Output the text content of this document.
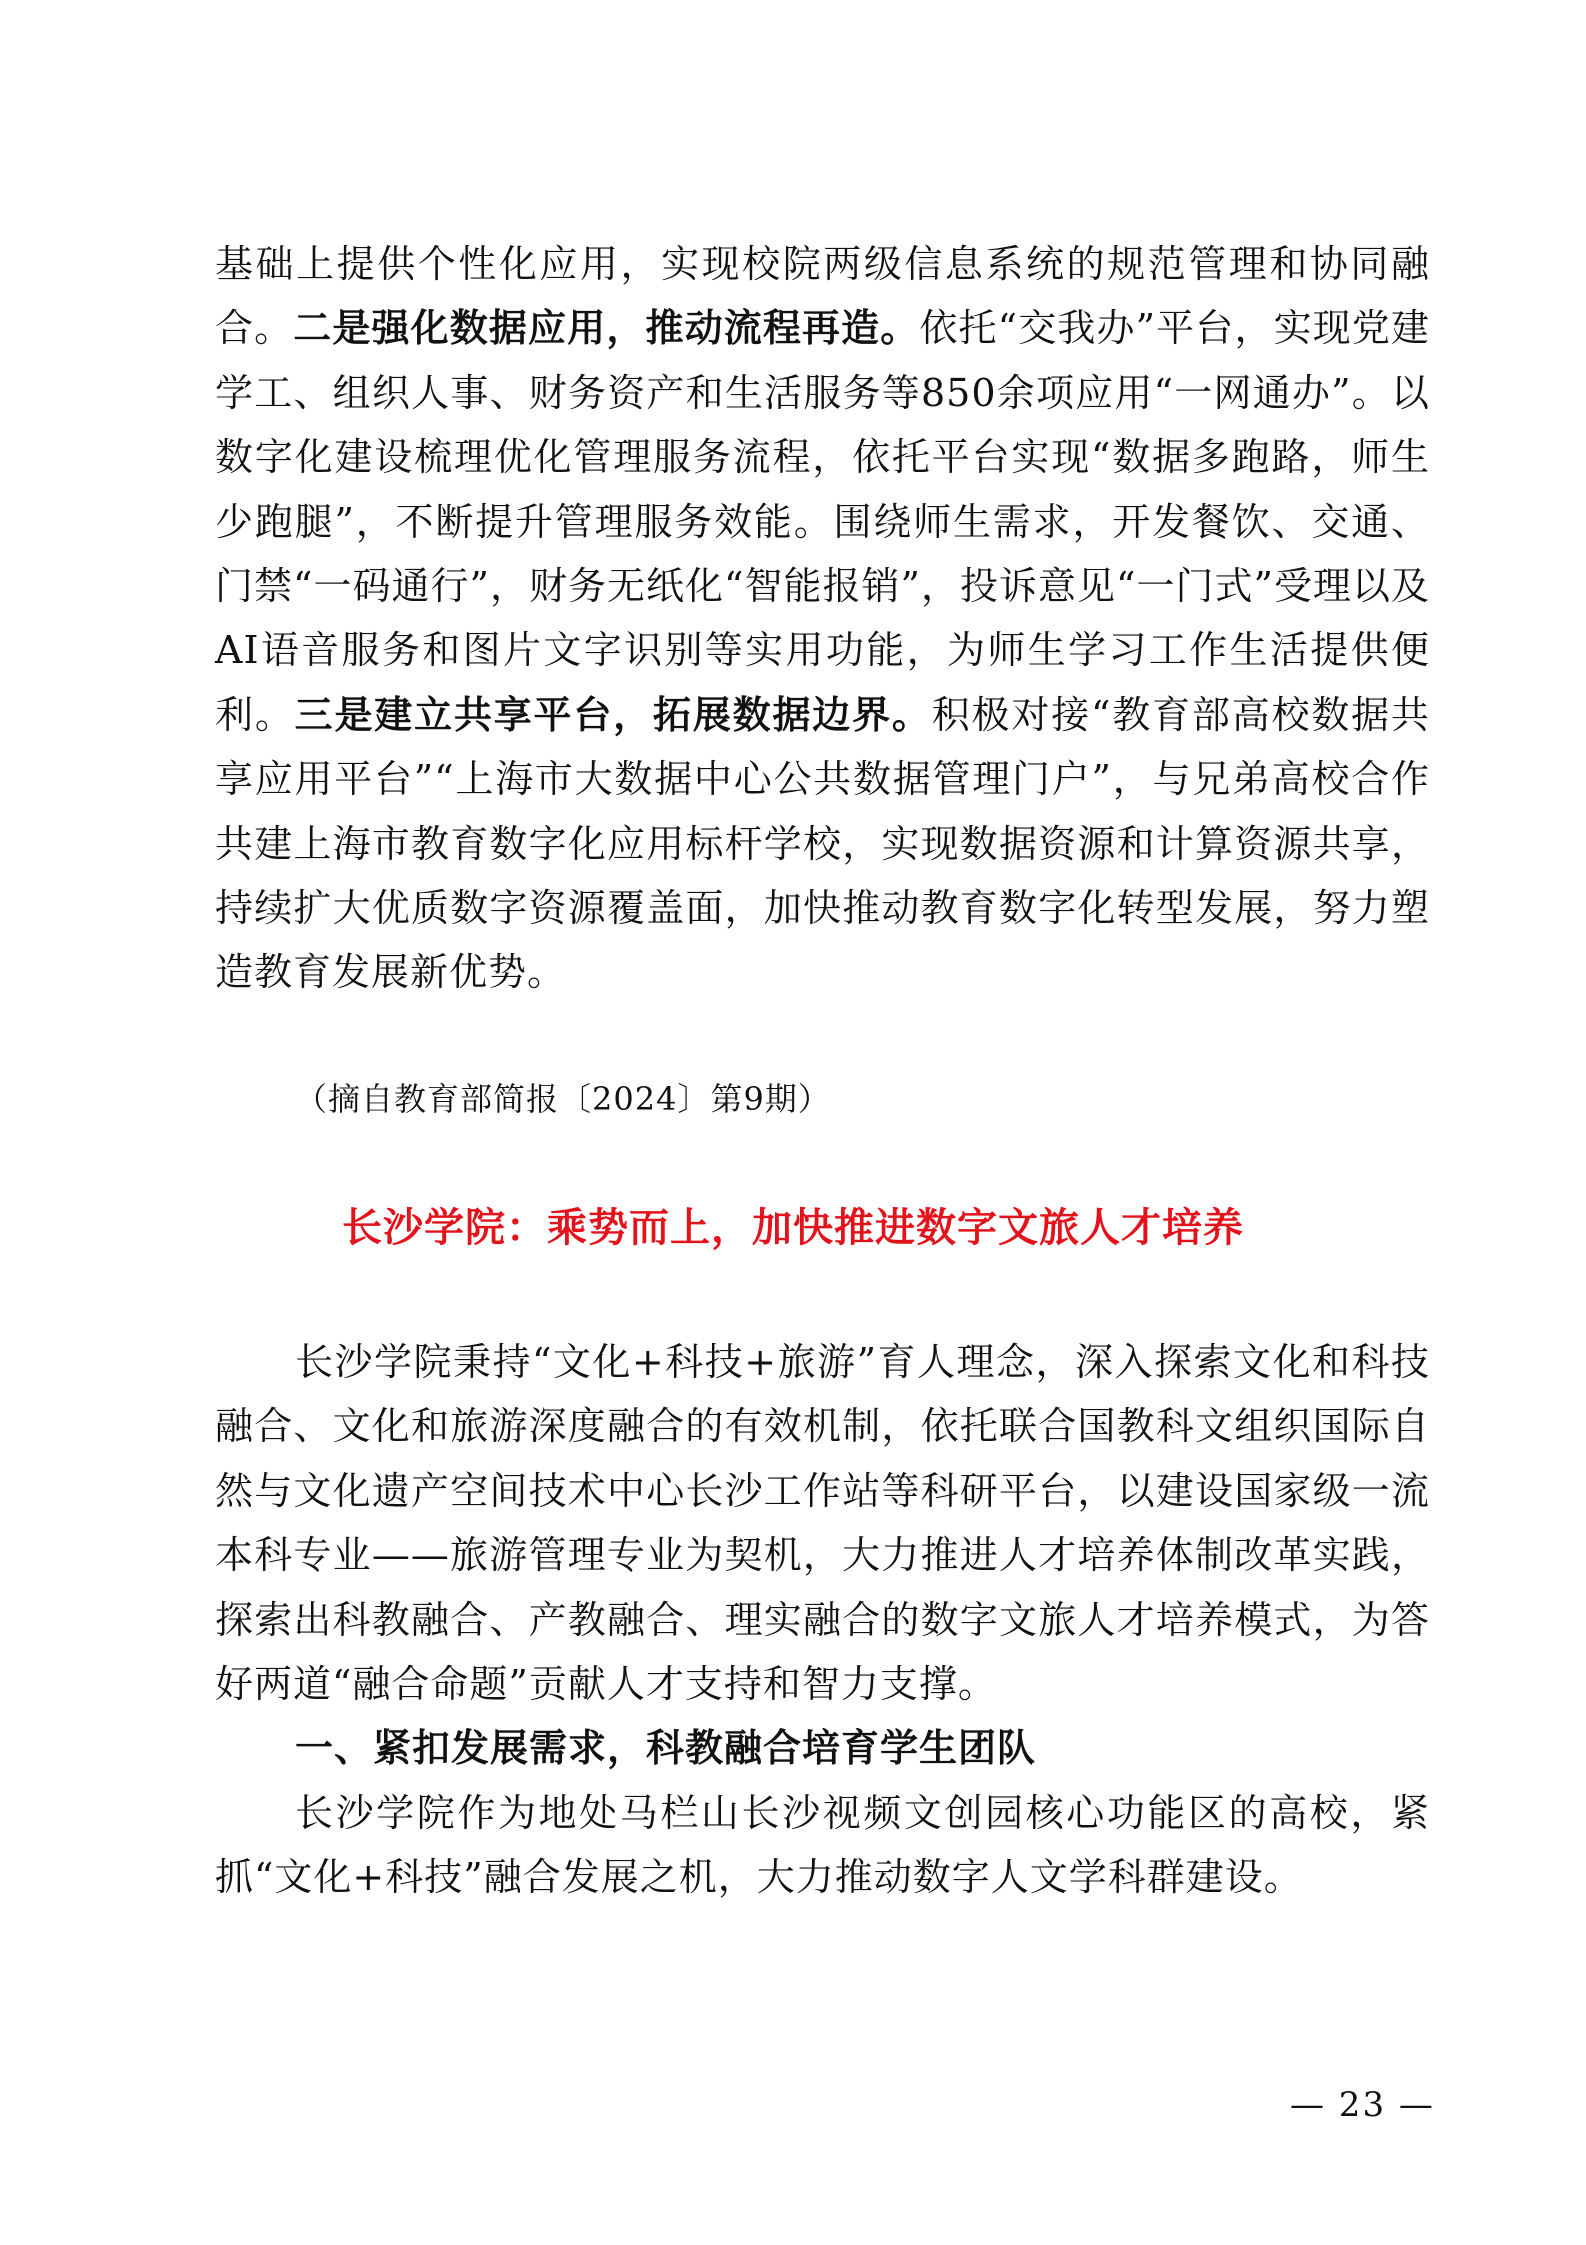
基础上提供个性化应用，实现校院两级信息系统的规范管理和协同融合。二是强化数据应用，推动流程再造。依托“交我办”平台，实现党建学工、组织人事、财务资产和生活服务等850余项应用“一网通办”。以数字化建设梳理优化管理服务流程，依托平台实现“数据多跑路，师生少跑腿”，不断提升管理服务效能。围绕师生需求，开发餐饮、交通、门禁“一码通行”，财务无纸化“智能报销”，投诉意见“一门式”受理以及AI语音服务和图片文字识别等实用功能，为师生学习工作生活提供便利。三是建立共享平台，拓展数据边界。积极对接“教育部高校数据共享应用平台”“上海市大数据中心公共数据管理门户”，与兄弟高校合作共建上海市教育数字化应用标杆学校，实现数据资源和计算资源共享，持续扩大优质数字资源覆盖面，加快推动教育数字化转型发展，努力塑造教育发展新优势。

（摘自教育部简报〔2024〕第9期）
长沙学院：乘势而上，加快推进数字文旅人才培养

长沙学院秉持“文化+科技+旅游”育人理念，深入探索文化和科技融合、文化和旅游深度融合的有效机制，依托联合国教科文组织国际自然与文化遗产空间技术中心长沙工作站等科研平台，以建设国家级一流本科专业——旅游管理专业为契机，大力推进人才培养体制改革实践，探索出科教融合、产教融合、理实融合的数字文旅人才培养模式，为答好两道“融合命题”贡献人才支持和智力支撑。

一、紧扣发展需求，科教融合培育学生团队

长沙学院作为地处马栏山长沙视频文创园核心功能区的高校，紧抓“文化+科技”融合发展之机，大力推动数字人文学科群建设。

— 23 —
